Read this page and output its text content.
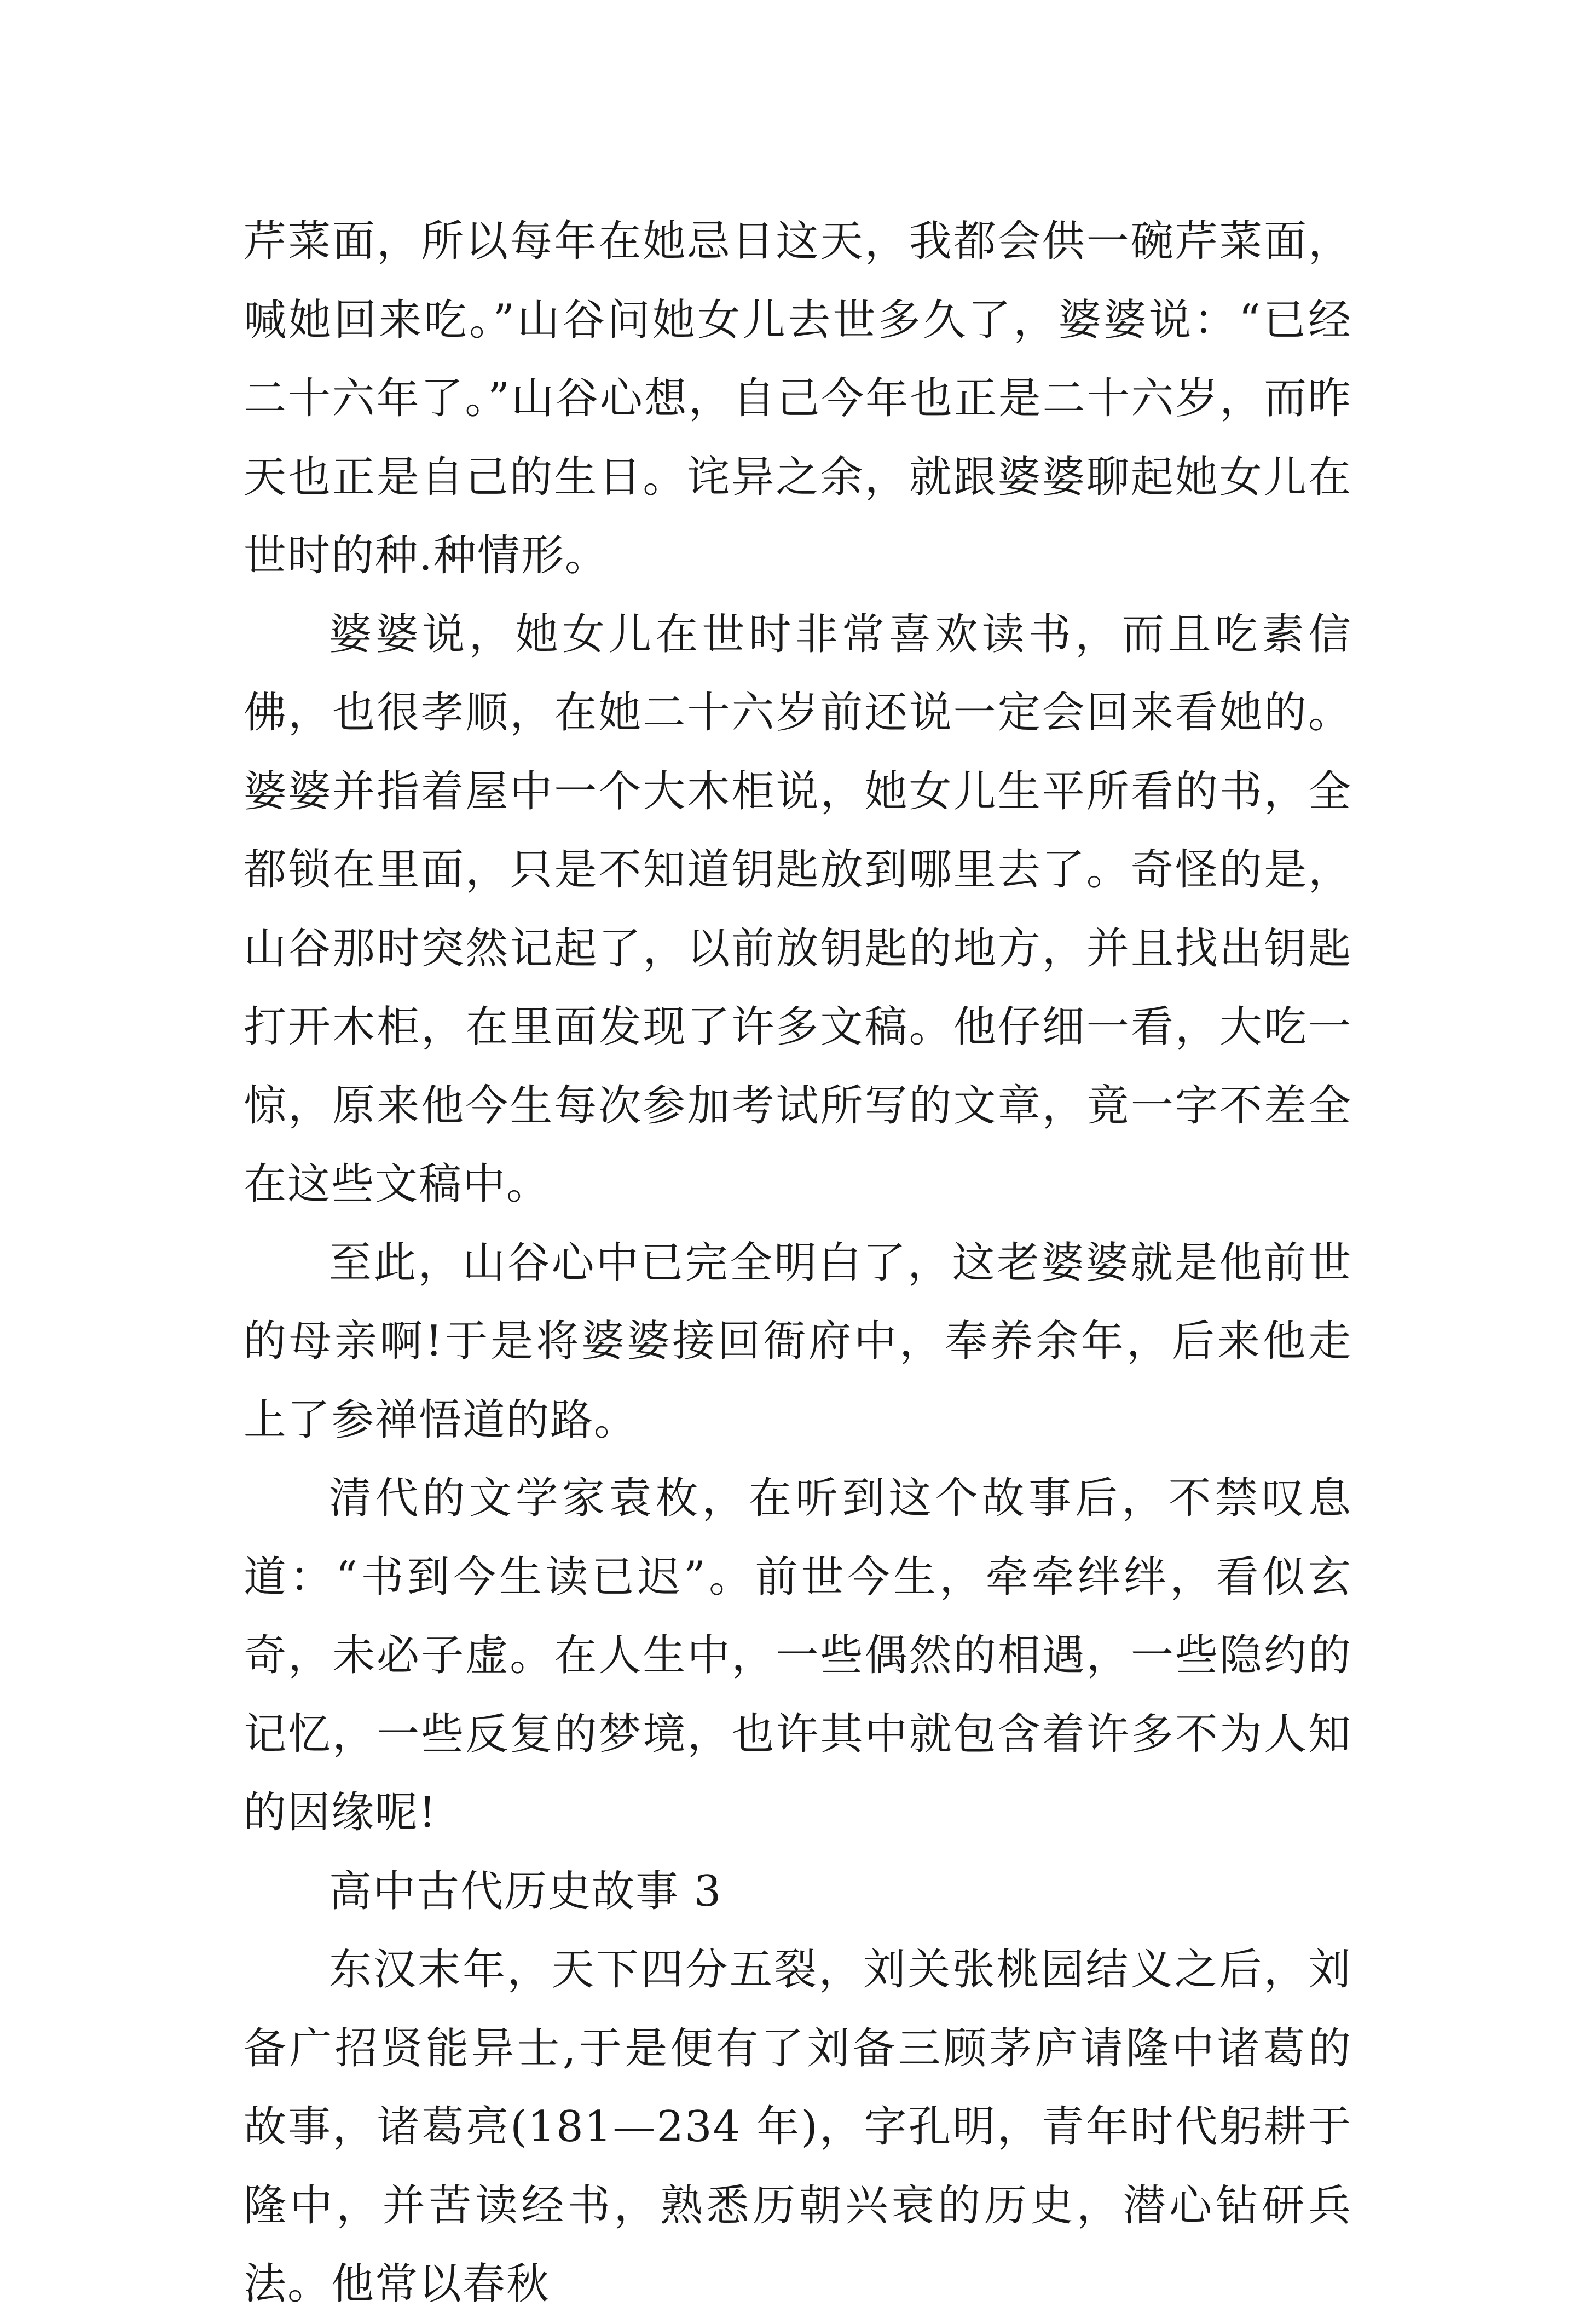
芹菜面，所以每年在她忌日这天，我都会供一碗芹菜面，喊她回来吃。”山谷问她女儿去世多久了，婆婆说：“已经二十六年了。”山谷心想，自己今年也正是二十六岁，而昨天也正是自己的生日。诧异之余，就跟婆婆聊起她女儿在世时的种.种情形。

婆婆说，她女儿在世时非常喜欢读书，而且吃素信佛，也很孝顺，在她二十六岁前还说一定会回来看她的。婆婆并指着屋中一个大木柜说，她女儿生平所看的书，全都锁在里面，只是不知道钥匙放到哪里去了。奇怪的是，山谷那时突然记起了，以前放钥匙的地方，并且找出钥匙打开木柜，在里面发现了许多文稿。他仔细一看，大吃一惊，原来他今生每次参加考试所写的文章，竟一字不差全在这些文稿中。

至此，山谷心中已完全明白了，这老婆婆就是他前世的母亲啊!于是将婆婆接回衙府中，奉养余年，后来他走上了参禅悟道的路。

清代的文学家袁枚，在听到这个故事后，不禁叹息道：“书到今生读已迟”。前世今生，牵牵绊绊，看似玄奇，未必子虚。在人生中，一些偶然的相遇，一些隐约的记忆，一些反复的梦境，也许其中就包含着许多不为人知的因缘呢!

高中古代历史故事 3

东汉末年，天下四分五裂，刘关张桃园结义之后，刘备广招贤能异士,于是便有了刘备三顾茅庐请隆中诸葛的故事，诸葛亮(181—234 年)，字孔明，青年时代躬耕于隆中，并苦读经书，熟悉历朝兴衰的历史，潜心钻研兵法。他常以春秋
